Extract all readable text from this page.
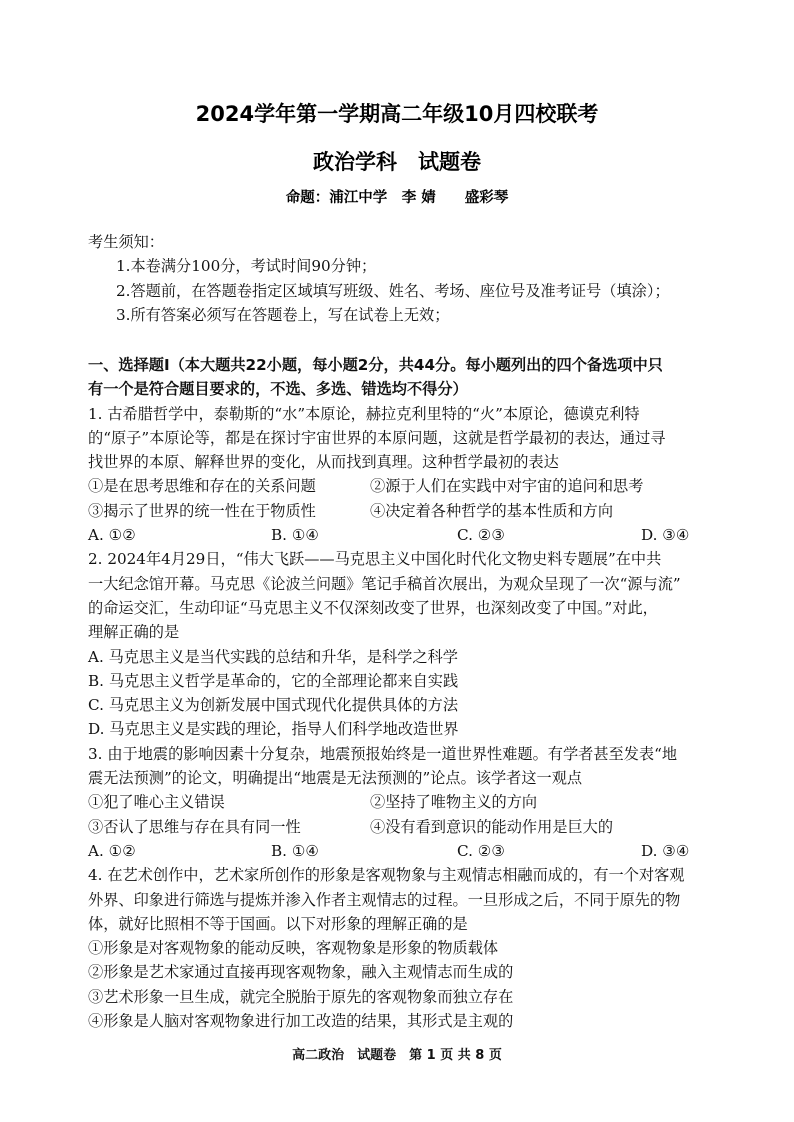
2024学年第一学期高二年级10月四校联考
政治学科　试题卷
命题：浦江中学　李 婧　　盛彩琴
考生须知：
1.本卷满分100分，考试时间90分钟；
2.答题前，在答题卷指定区域填写班级、姓名、考场、座位号及准考证号（填涂）；
3.所有答案必须写在答题卷上，写在试卷上无效；
一、选择题Ⅰ（本大题共22小题，每小题2分，共44分。每小题列出的四个备选项中只
有一个是符合题目要求的，不选、多选、错选均不得分）
1. 古希腊哲学中，泰勒斯的“水”本原论，赫拉克利里特的“火”本原论，德谟克利特
的“原子”本原论等，都是在探讨宇宙世界的本原问题，这就是哲学最初的表达，通过寻
找世界的本原、解释世界的变化，从而找到真理。这种哲学最初的表达
①是在思考思维和存在的关系问题	②源于人们在实践中对宇宙的追问和思考
③揭示了世界的统一性在于物质性	④决定着各种哲学的基本性质和方向
A. ①②	B. ①④	C. ②③	D. ③④
2. 2024年4月29日，“伟大飞跃——马克思主义中国化时代化文物史料专题展”在中共
一大纪念馆开幕。马克思《论波兰问题》笔记手稿首次展出，为观众呈现了一次“源与流”
的命运交汇，生动印证“马克思主义不仅深刻改变了世界，也深刻改变了中国。”对此，
理解正确的是
A. 马克思主义是当代实践的总结和升华，是科学之科学
B. 马克思主义哲学是革命的，它的全部理论都来自实践
C. 马克思主义为创新发展中国式现代化提供具体的方法
D. 马克思主义是实践的理论，指导人们科学地改造世界
3. 由于地震的影响因素十分复杂，地震预报始终是一道世界性难题。有学者甚至发表“地
震无法预测”的论文，明确提出“地震是无法预测的”论点。该学者这一观点
①犯了唯心主义错误	②坚持了唯物主义的方向
③否认了思维与存在具有同一性	④没有看到意识的能动作用是巨大的
A. ①②	B. ①④	C. ②③	D. ③④
4. 在艺术创作中，艺术家所创作的形象是客观物象与主观情志相融而成的，有一个对客观
外界、印象进行筛选与提炼并渗入作者主观情志的过程。一旦形成之后，不同于原先的物
体，就好比照相不等于国画。以下对形象的理解正确的是
①形象是对客观物象的能动反映，客观物象是形象的物质载体
②形象是艺术家通过直接再现客观物象，融入主观情志而生成的
③艺术形象一旦生成，就完全脱胎于原先的客观物象而独立存在
④形象是人脑对客观物象进行加工改造的结果，其形式是主观的
高二政治　试题卷　第 1 页 共 8 页
